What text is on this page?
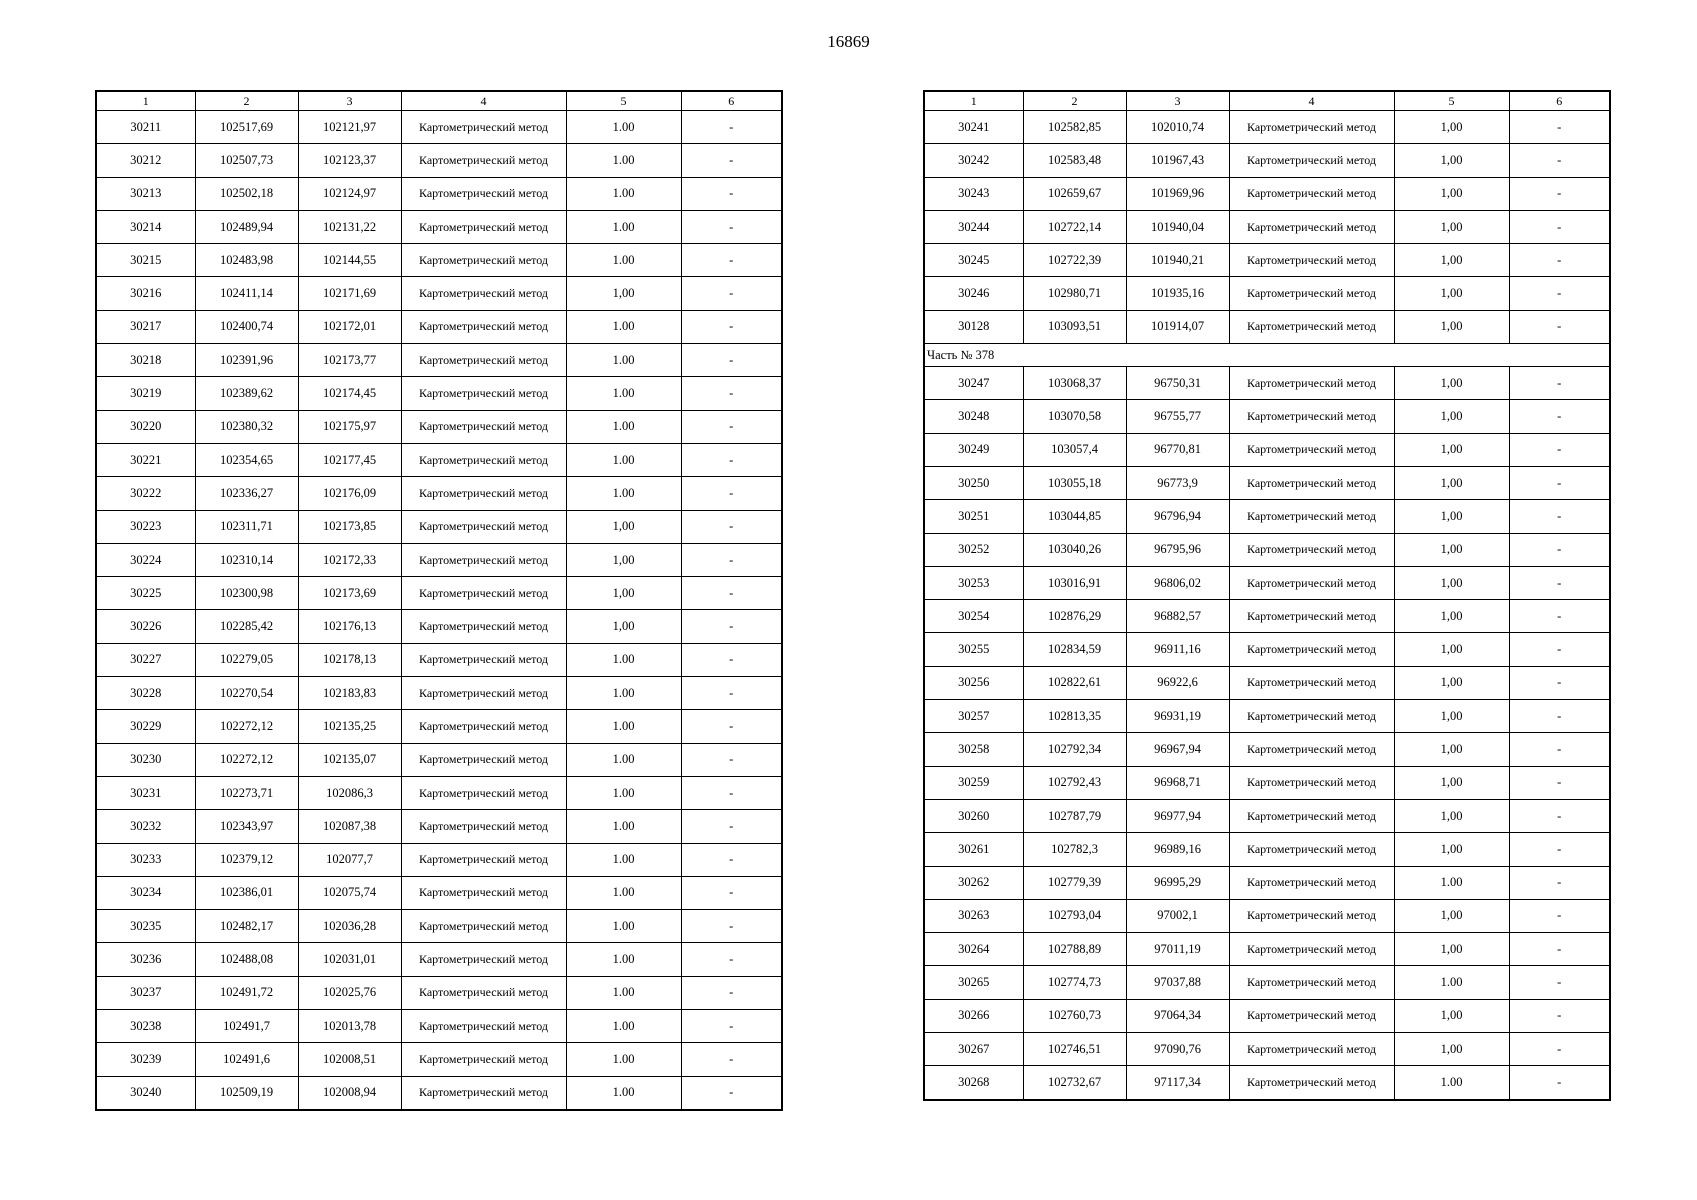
16869
1	2	3	4	5	6
30211	102517,69	102121,97	Картометрический метод	1.00	-
30212	102507,73	102123,37	Картометрический метод	1.00	-
30213	102502,18	102124,97	Картометрический метод	1.00	-
30214	102489,94	102131,22	Картометрический метод	1.00	-
30215	102483,98	102144,55	Картометрический метод	1.00	-
30216	102411,14	102171,69	Картометрический метод	1,00	-
30217	102400,74	102172,01	Картометрический метод	1.00	-
30218	102391,96	102173,77	Картометрический метод	1.00	-
30219	102389,62	102174,45	Картометрический метод	1.00	-
30220	102380,32	102175,97	Картометрический метод	1.00	-
30221	102354,65	102177,45	Картометрический метод	1.00	-
30222	102336,27	102176,09	Картометрический метод	1.00	-
30223	102311,71	102173,85	Картометрический метод	1,00	-
30224	102310,14	102172,33	Картометрический метод	1,00	-
30225	102300,98	102173,69	Картометрический метод	1,00	-
30226	102285,42	102176,13	Картометрический метод	1,00	-
30227	102279,05	102178,13	Картометрический метод	1.00	-
30228	102270,54	102183,83	Картометрический метод	1.00	-
30229	102272,12	102135,25	Картометрический метод	1.00	-
30230	102272,12	102135,07	Картометрический метод	1.00	-
30231	102273,71	102086,3	Картометрический метод	1.00	-
30232	102343,97	102087,38	Картометрический метод	1.00	-
30233	102379,12	102077,7	Картометрический метод	1.00	-
30234	102386,01	102075,74	Картометрический метод	1.00	-
30235	102482,17	102036,28	Картометрический метод	1.00	-
30236	102488,08	102031,01	Картометрический метод	1.00	-
30237	102491,72	102025,76	Картометрический метод	1.00	-
30238	102491,7	102013,78	Картометрический метод	1.00	-
30239	102491,6	102008,51	Картометрический метод	1.00	-
30240	102509,19	102008,94	Картометрический метод	1.00	-
1	2	3	4	5	6
30241	102582,85	102010,74	Картометрический метод	1,00	-
30242	102583,48	101967,43	Картометрический метод	1,00	-
30243	102659,67	101969,96	Картометрический метод	1,00	-
30244	102722,14	101940,04	Картометрический метод	1,00	-
30245	102722,39	101940,21	Картометрический метод	1,00	-
30246	102980,71	101935,16	Картометрический метод	1,00	-
30128	103093,51	101914,07	Картометрический метод	1,00	-
Часть № 378					
30247	103068,37	96750,31	Картометрический метод	1,00	-
30248	103070,58	96755,77	Картометрический метод	1,00	-
30249	103057,4	96770,81	Картометрический метод	1,00	-
30250	103055,18	96773,9	Картометрический метод	1,00	-
30251	103044,85	96796,94	Картометрический метод	1,00	-
30252	103040,26	96795,96	Картометрический метод	1,00	-
30253	103016,91	96806,02	Картометрический метод	1,00	-
30254	102876,29	96882,57	Картометрический метод	1,00	-
30255	102834,59	96911,16	Картометрический метод	1,00	-
30256	102822,61	96922,6	Картометрический метод	1,00	-
30257	102813,35	96931,19	Картометрический метод	1,00	-
30258	102792,34	96967,94	Картометрический метод	1,00	-
30259	102792,43	96968,71	Картометрический метод	1,00	-
30260	102787,79	96977,94	Картометрический метод	1,00	-
30261	102782,3	96989,16	Картометрический метод	1,00	-
30262	102779,39	96995,29	Картометрический метод	1.00	-
30263	102793,04	97002,1	Картометрический метод	1,00	-
30264	102788,89	97011,19	Картометрический метод	1,00	-
30265	102774,73	97037,88	Картометрический метод	1.00	-
30266	102760,73	97064,34	Картометрический метод	1,00	-
30267	102746,51	97090,76	Картометрический метод	1,00	-
30268	102732,67	97117,34	Картометрический метод	1.00	-
